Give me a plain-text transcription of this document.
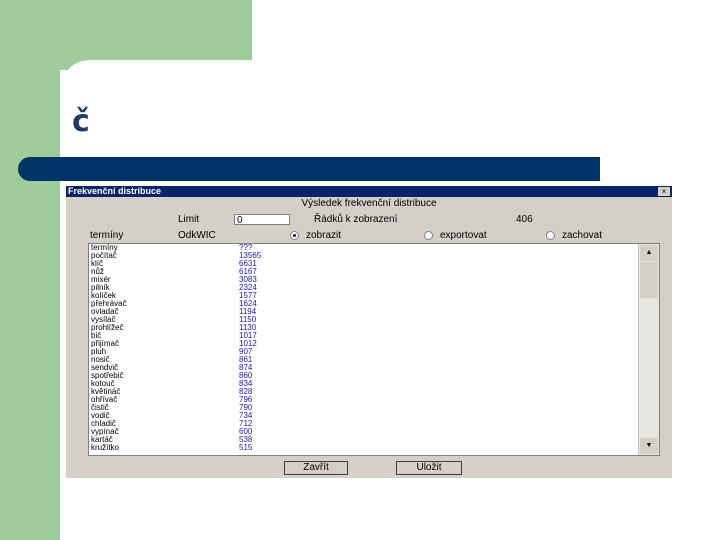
č
Frekvenční distribuce	×
Výsledek frekvenční distribuce
Limit	0	Řádků k zobrazení	406
termíny	OdkWIC	zobrazit	exportovat	zachovat
termíny	???
počítač	13565
klíč	6631
nůž	6167
mixér	3083
pilník	2324
kolíček	1577
přehrávač	1624
ovladač	1194
vysílač	1150
prohlížeč	1130
bič	1017
přijímač	1012
pluh	907
nosič	861
sendvič	874
spotřebič	860
kotouč	834
květináč	828
ohřívač	796
čistič	790
vodič	734
chladič	712
vypínač	600
kartáč	538
kružítko	515
▲
▼
Zavřít	Uložit
